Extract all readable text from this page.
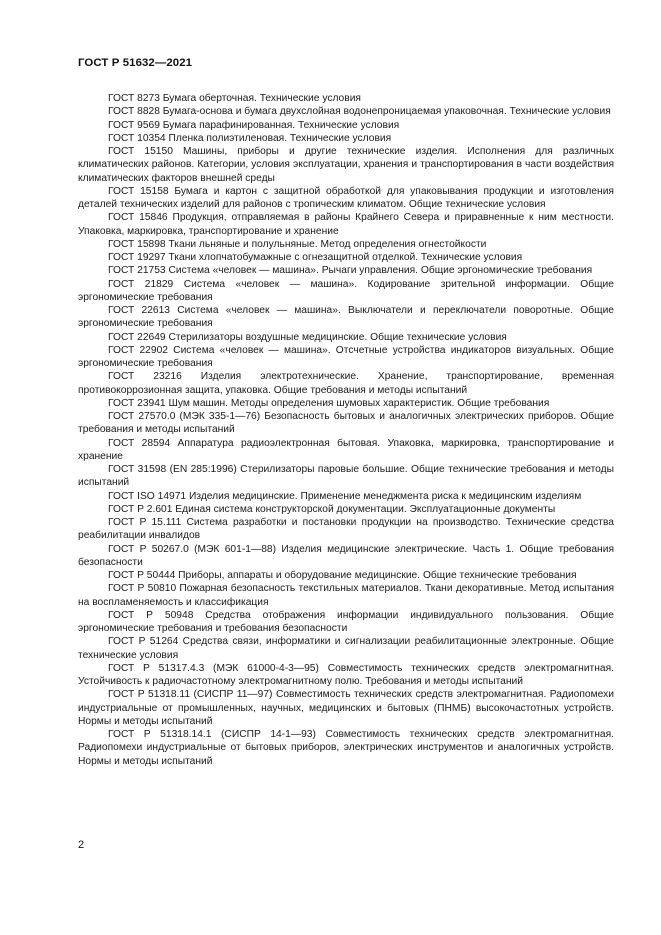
ГОСТ Р 51632—2021

ГОСТ 8273 Бумага оберточная. Технические условия

ГОСТ 8828 Бумага-основа и бумага двухслойная водонепроницаемая упаковочная. Технические условия

ГОСТ 9569 Бумага парафинированная. Технические условия

ГОСТ 10354 Пленка полиэтиленовая. Технические условия

ГОСТ 15150 Машины, приборы и другие технические изделия. Исполнения для различных климатических районов. Категории, условия эксплуатации, хранения и транспортирования в части воздействия климатических факторов внешней среды

ГОСТ 15158 Бумага и картон с защитной обработкой для упаковывания продукции и изготовления деталей технических изделий для районов с тропическим климатом. Общие технические условия

ГОСТ 15846 Продукция, отправляемая в районы Крайнего Севера и приравненные к ним местности. Упаковка, маркировка, транспортирование и хранение

ГОСТ 15898 Ткани льняные и полульняные. Метод определения огнестойкости

ГОСТ 19297 Ткани хлопчатобумажные с огнезащитной отделкой. Технические условия

ГОСТ 21753 Система «человек — машина». Рычаги управления. Общие эргономические требования

ГОСТ 21829 Система «человек — машина». Кодирование зрительной информации. Общие эргономические требования

ГОСТ 22613 Система «человек — машина». Выключатели и переключатели поворотные. Общие эргономические требования

ГОСТ 22649 Стерилизаторы воздушные медицинские. Общие технические условия

ГОСТ 22902 Система «человек — машина». Отсчетные устройства индикаторов визуальных. Общие эргономические требования

ГОСТ 23216 Изделия электротехнические. Хранение, транспортирование, временная противокоррозионная защита, упаковка. Общие требования и методы испытаний

ГОСТ 23941 Шум машин. Методы определения шумовых характеристик. Общие требования

ГОСТ 27570.0 (МЭК 335-1—76) Безопасность бытовых и аналогичных электрических приборов. Общие требования и методы испытаний

ГОСТ 28594 Аппаратура радиоэлектронная бытовая. Упаковка, маркировка, транспортирование и хранение

ГОСТ 31598 (EN 285:1996) Стерилизаторы паровые большие. Общие технические требования и методы испытаний

ГОСТ ISO 14971 Изделия медицинские. Применение менеджмента риска к медицинским изделиям

ГОСТ Р 2.601 Единая система конструкторской документации. Эксплуатационные документы

ГОСТ Р 15.111 Система разработки и постановки продукции на производство. Технические средства реабилитации инвалидов

ГОСТ Р 50267.0 (МЭК 601-1—88) Изделия медицинские электрические. Часть 1. Общие требования безопасности

ГОСТ Р 50444 Приборы, аппараты и оборудование медицинские. Общие технические требования

ГОСТ Р 50810 Пожарная безопасность текстильных материалов. Ткани декоративные. Метод испытания на воспламеняемость и классификация

ГОСТ Р 50948 Средства отображения информации индивидуального пользования. Общие эргономические требования и требования безопасности

ГОСТ Р 51264 Средства связи, информатики и сигнализации реабилитационные электронные. Общие технические условия

ГОСТ Р 51317.4.3 (МЭК 61000-4-3—95) Совместимость технических средств электромагнитная. Устойчивость к радиочастотному электромагнитному полю. Требования и методы испытаний

ГОСТ Р 51318.11 (СИСПР 11—97) Совместимость технических средств электромагнитная. Радиопомехи индустриальные от промышленных, научных, медицинских и бытовых (ПНМБ) высокочастотных устройств. Нормы и методы испытаний

ГОСТ Р 51318.14.1 (СИСПР 14-1—93) Совместимость технических средств электромагнитная. Радиопомехи индустриальные от бытовых приборов, электрических инструментов и аналогичных устройств. Нормы и методы испытаний

2
